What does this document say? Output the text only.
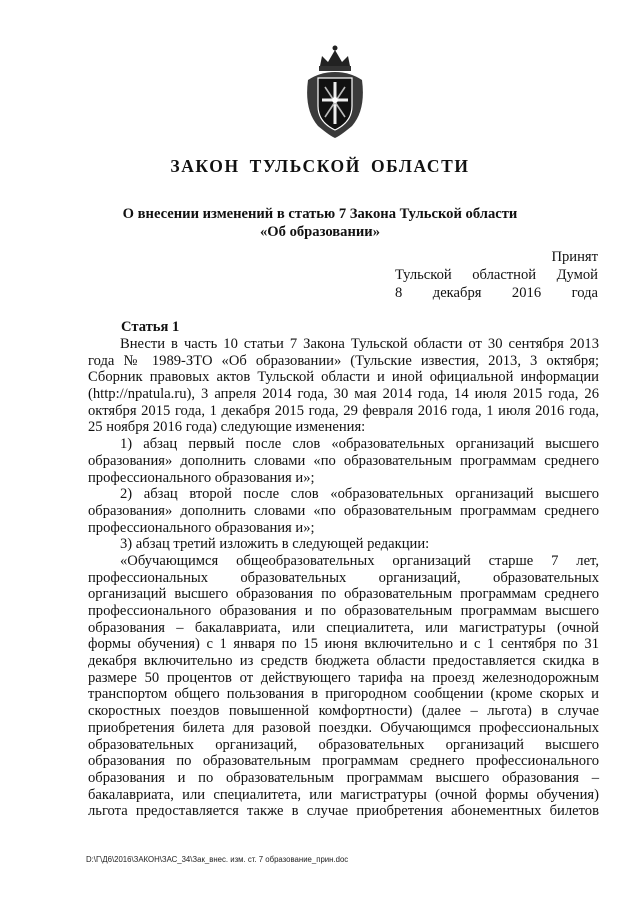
ЗАКОН ТУЛЬСКОЙ ОБЛАСТИ
О внесении изменений в статью 7 Закона Тульской области
«Об образовании»
Принят
Тульской областной Думой
8 декабря 2016 года
Статья 1
Внести в часть 10 статьи 7 Закона Тульской области от 30 сентября 2013
года № 1989-ЗТО «Об образовании» (Тульские известия, 2013, 3 октября;
Сборник правовых актов Тульской области и иной официальной информации
(http://npatula.ru), 3 апреля 2014 года, 30 мая 2014 года, 14 июля 2015 года, 26
октября 2015 года, 1 декабря 2015 года, 29 февраля 2016 года, 1 июля 2016 года,
25 ноября 2016 года) следующие изменения:
1) абзац первый после слов «образовательных организаций высшего
образования» дополнить словами «по образовательным программам среднего
профессионального образования и»;
2) абзац второй после слов «образовательных организаций высшего
образования» дополнить словами «по образовательным программам среднего
профессионального образования и»;
3) абзац третий изложить в следующей редакции:
«Обучающимся общеобразовательных организаций старше 7 лет,
профессиональных образовательных организаций, образовательных
организаций высшего образования по образовательным программам среднего
профессионального образования и по образовательным программам высшего
образования – бакалавриата, или специалитета, или магистратуры (очной
формы обучения) с 1 января по 15 июня включительно и с 1 сентября по 31
декабря включительно из средств бюджета области предоставляется скидка в
размере 50 процентов от действующего тарифа на проезд железнодорожным
транспортом общего пользования в пригородном сообщении (кроме скорых и
скоростных поездов повышенной комфортности) (далее – льгота) в случае
приобретения билета для разовой поездки. Обучающимся профессиональных
образовательных организаций, образовательных организаций высшего
образования по образовательным программам среднего профессионального
образования и по образовательным программам высшего образования –
бакалавриата, или специалитета, или магистратуры (очной формы обучения)
льгота предоставляется также в случае приобретения абонементных билетов
D:\Г\Д6\2016\ЗАКОН\ЗАС_34\Зак_внес. изм. ст. 7 образование_прин.doc
